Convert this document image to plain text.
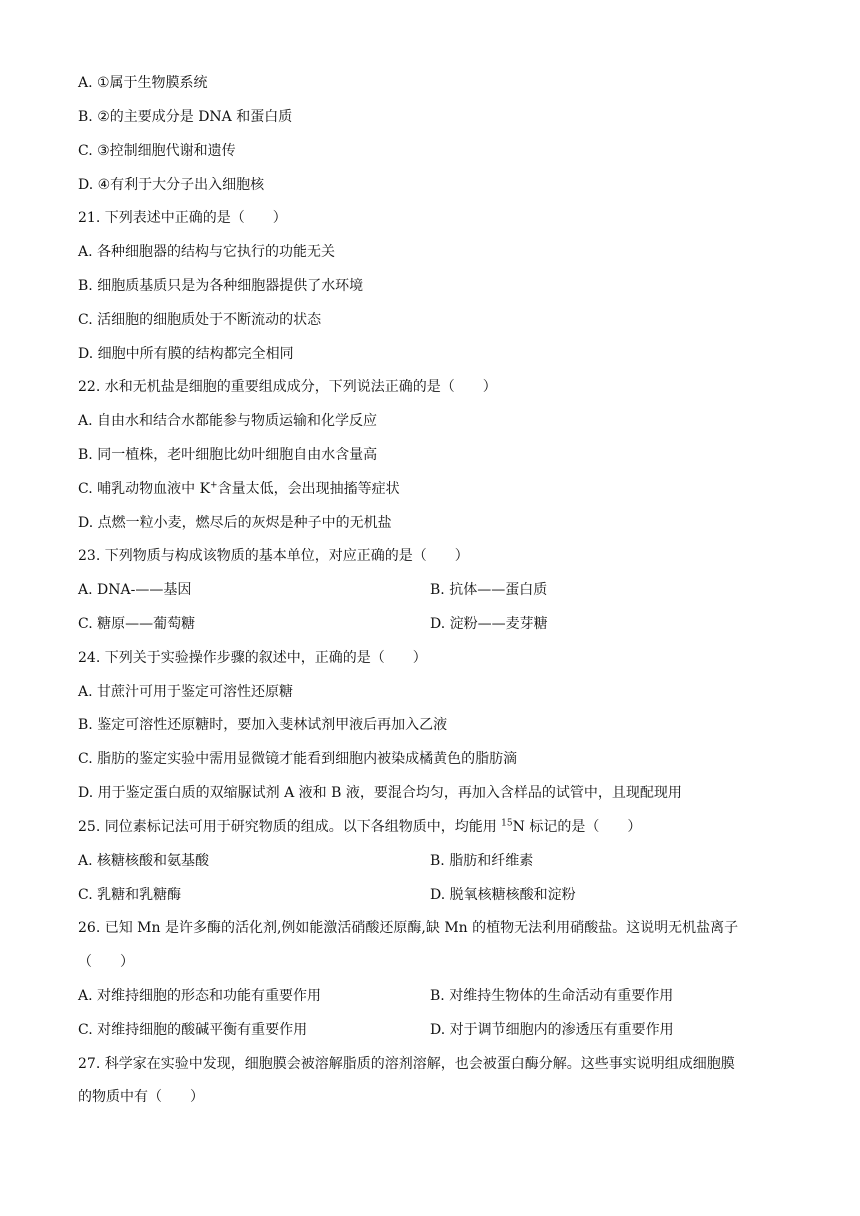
A. ①属于生物膜系统
B. ②的主要成分是 DNA 和蛋白质
C. ③控制细胞代谢和遗传
D. ④有利于大分子出入细胞核
21. 下列表述中正确的是（　　）
A. 各种细胞器的结构与它执行的功能无关
B. 细胞质基质只是为各种细胞器提供了水环境
C. 活细胞的细胞质处于不断流动的状态
D. 细胞中所有膜的结构都完全相同
22. 水和无机盐是细胞的重要组成成分，下列说法正确的是（　　）
A. 自由水和结合水都能参与物质运输和化学反应
B. 同一植株，老叶细胞比幼叶细胞自由水含量高
C. 哺乳动物血液中 K+含量太低，会出现抽搐等症状
D. 点燃一粒小麦，燃尽后的灰烬是种子中的无机盐
23. 下列物质与构成该物质的基本单位，对应正确的是（　　）
A. DNA-——基因	B. 抗体——蛋白质
C. 糖原——葡萄糖	D. 淀粉——麦芽糖
24. 下列关于实验操作步骤的叙述中，正确的是（　　）
A. 甘蔗汁可用于鉴定可溶性还原糖
B. 鉴定可溶性还原糖时，要加入斐林试剂甲液后再加入乙液
C. 脂肪的鉴定实验中需用显微镜才能看到细胞内被染成橘黄色的脂肪滴
D. 用于鉴定蛋白质的双缩脲试剂 A 液和 B 液，要混合均匀，再加入含样品的试管中，且现配现用
25. 同位素标记法可用于研究物质的组成。以下各组物质中，均能用 $^{15}$N 标记的是（　　）
A. 核糖核酸和氨基酸	B. 脂肪和纤维素
C. 乳糖和乳糖酶	D. 脱氧核糖核酸和淀粉
26. 已知 Mn 是许多酶的活化剂,例如能激活硝酸还原酶,缺 Mn 的植物无法利用硝酸盐。这说明无机盐离子
（　　）
A. 对维持细胞的形态和功能有重要作用	B. 对维持生物体的生命活动有重要作用
C. 对维持细胞的酸碱平衡有重要作用	D. 对于调节细胞内的渗透压有重要作用
27. 科学家在实验中发现，细胞膜会被溶解脂质的溶剂溶解，也会被蛋白酶分解。这些事实说明组成细胞膜
的物质中有（　　）
